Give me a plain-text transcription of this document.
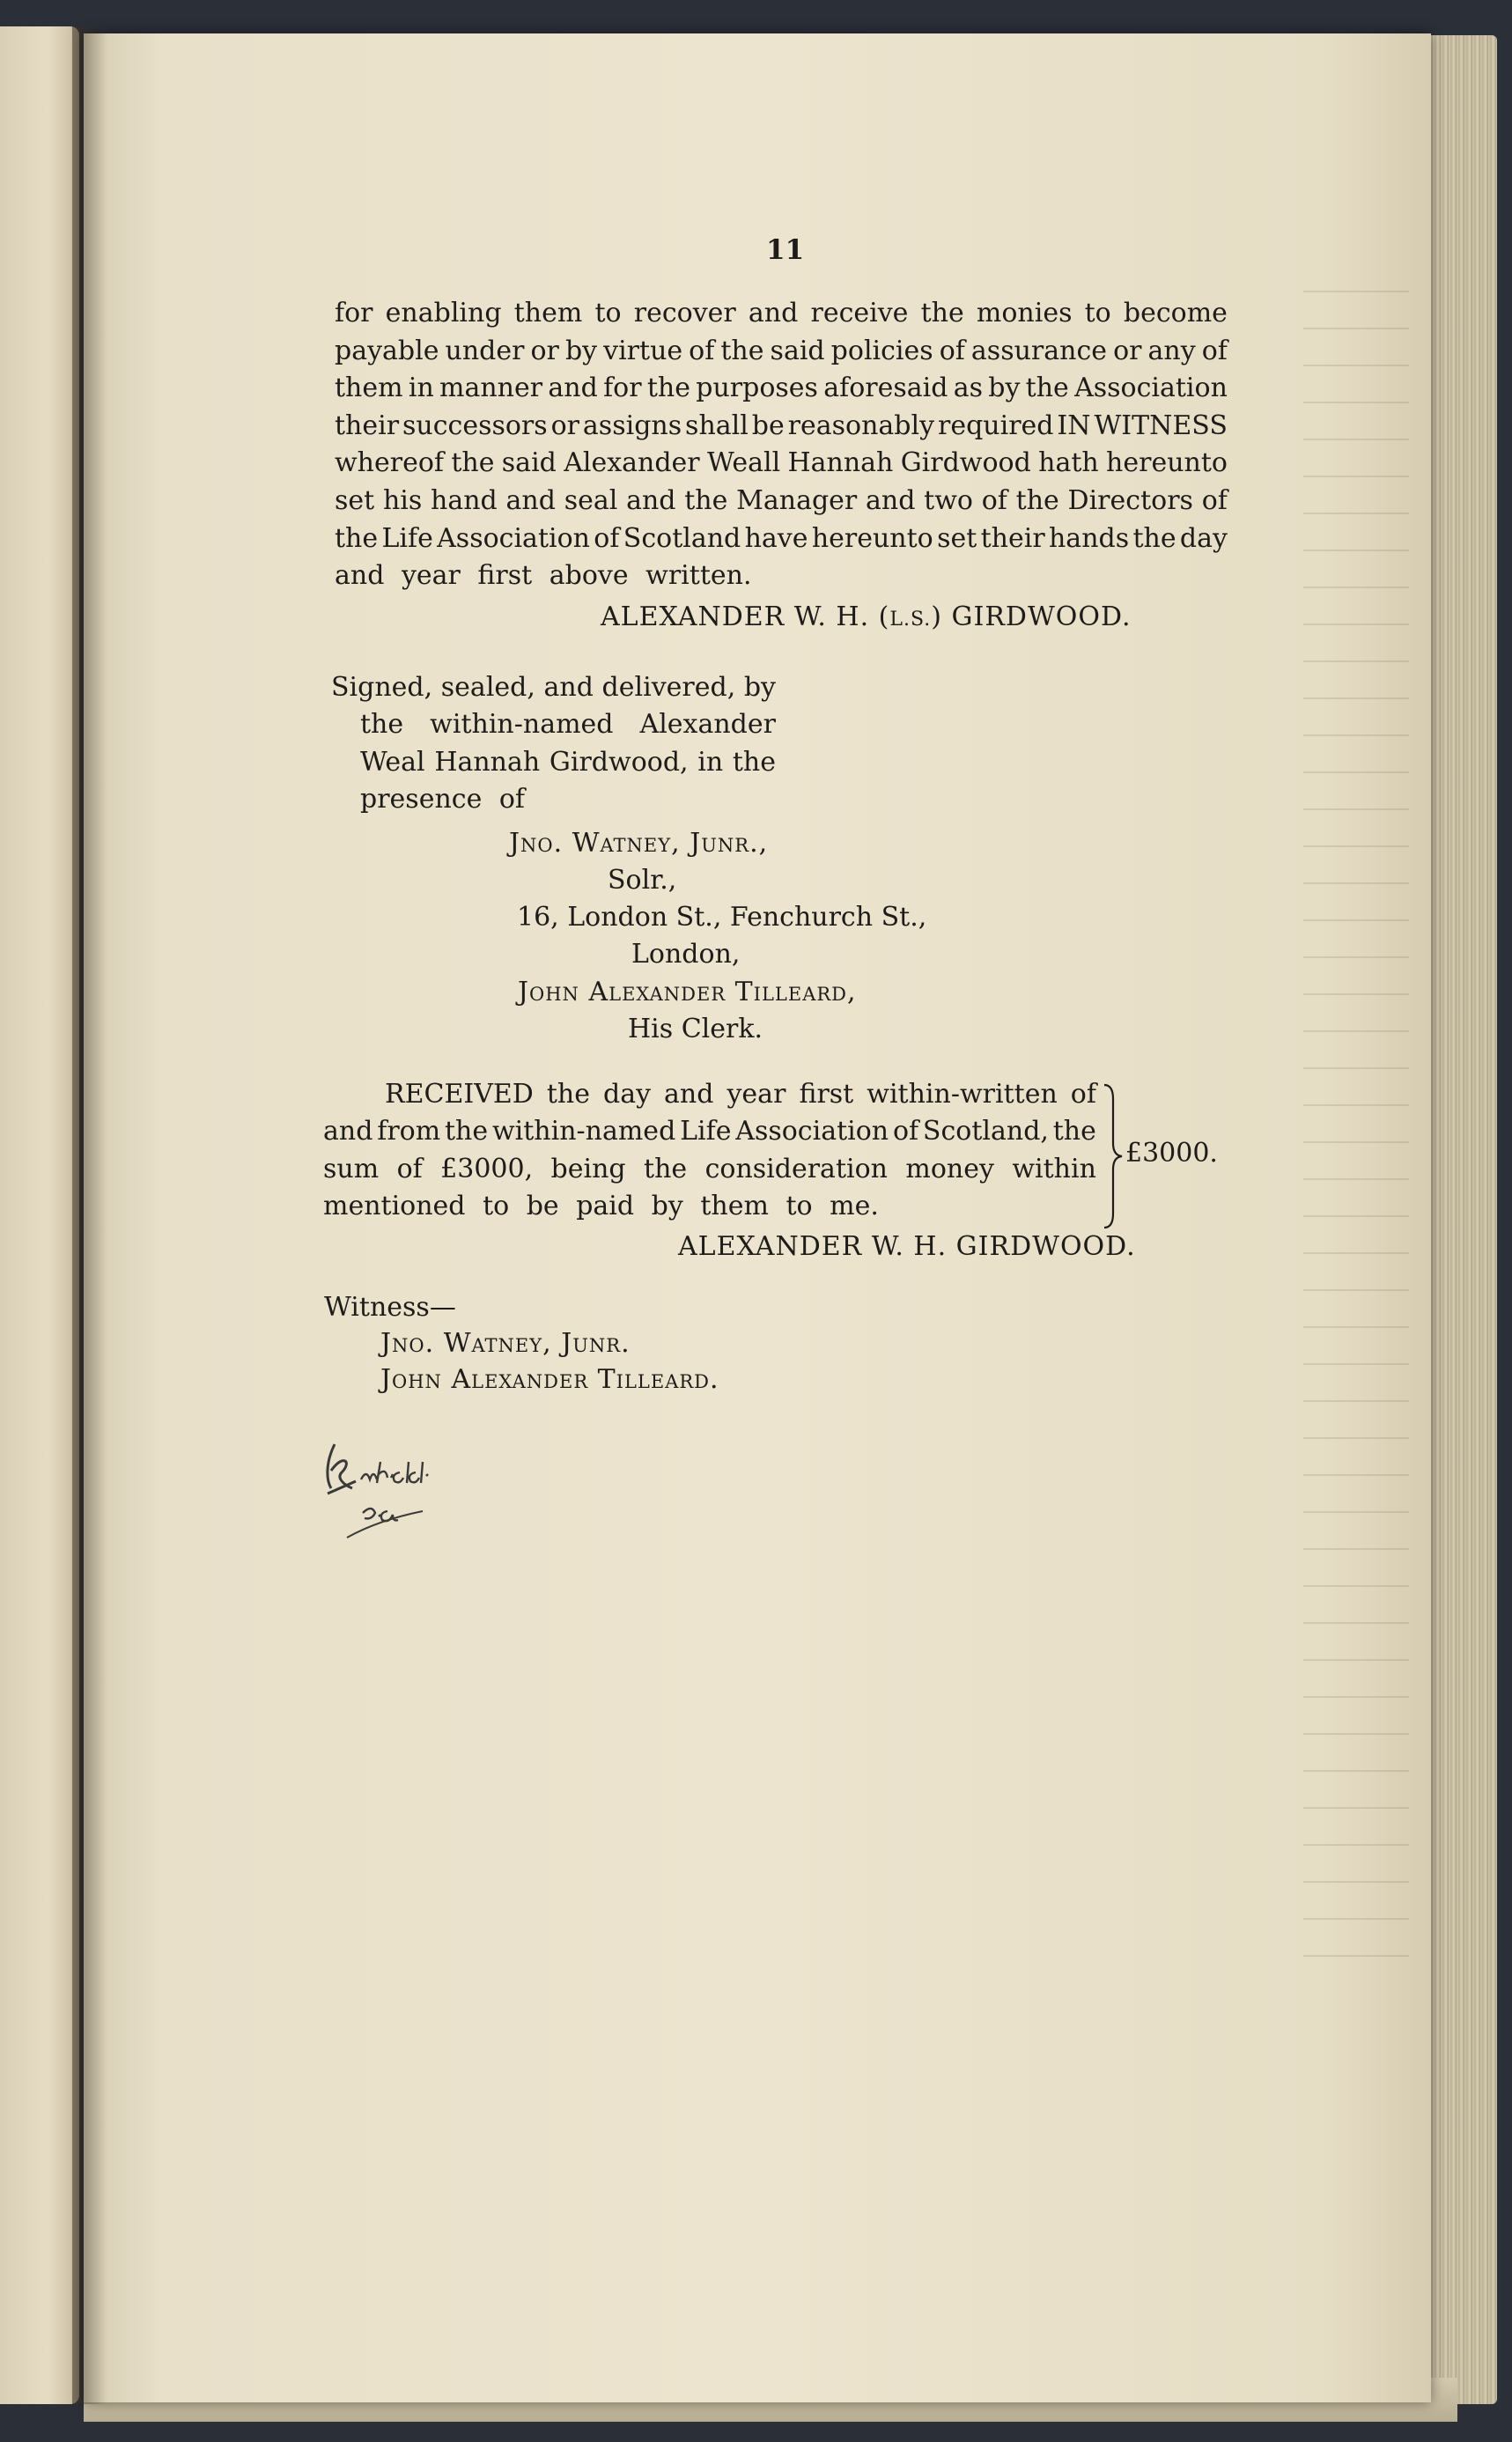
11
for enabling them to recover and receive the monies to become
payable under or by virtue of the said policies of assurance or any of
them in manner and for the purposes aforesaid as by the Association
their successors or assigns shall be reasonably required IN WITNESS
whereof the said Alexander Weall Hannah Girdwood hath hereunto
set his hand and seal and the Manager and two of the Directors of
the Life Association of Scotland have hereunto set their hands the day
and year first above written.
ALEXANDER W. H. (L.S.) GIRDWOOD.
Signed, sealed, and delivered, by
the within-named Alexander
Weal Hannah Girdwood, in the
presence of
RECEIVED the day and year first within-written of
and from the within-named Life Association of Scotland, the
sum of £3000, being the consideration money within
mentioned to be paid by them to me.
£3000.
ALEXANDER W. H. GIRDWOOD.
Witness—
Jno. Watney, Junr.
John Alexander Tilleard.
Jno. Watney, Junr.,
Solr.,
16, London St., Fenchurch St.,
London,
John Alexander Tilleard,
His Clerk.
